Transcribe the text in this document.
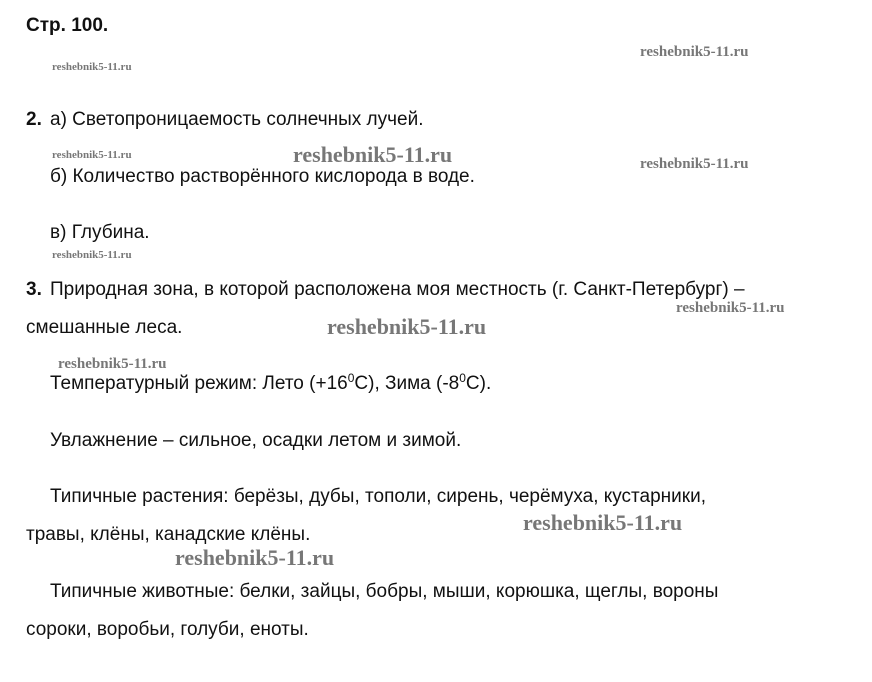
Стр. 100.
2. а) Светопроницаемость солнечных лучей.
б) Количество растворённого кислорода в воде.
в) Глубина.
3. Природная зона, в которой расположена моя местность (г. Санкт-Петербург) –
смешанные леса.
Температурный режим: Лето $(+16^0С)$, Зима $(-8^0С)$.
Увлажнение – сильное, осадки летом и зимой.
Типичные растения: берёзы, дубы, тополи, сирень, черёмуха, кустарники,
травы, клёны, канадские клёны.
Типичные животные: белки, зайцы, бобры, мыши, корюшка, щеглы, вороны
сороки, воробьи, голуби, еноты.
reshebnik5-11.ru
reshebnik5-11.ru
reshebnik5-11.ru	reshebnik5-11.ru	reshebnik5-11.ru
reshebnik5-11.ru
reshebnik5-11.ru
reshebnik5-11.ru
reshebnik5-11.ru
reshebnik5-11.ru
reshebnik5-11.ru
